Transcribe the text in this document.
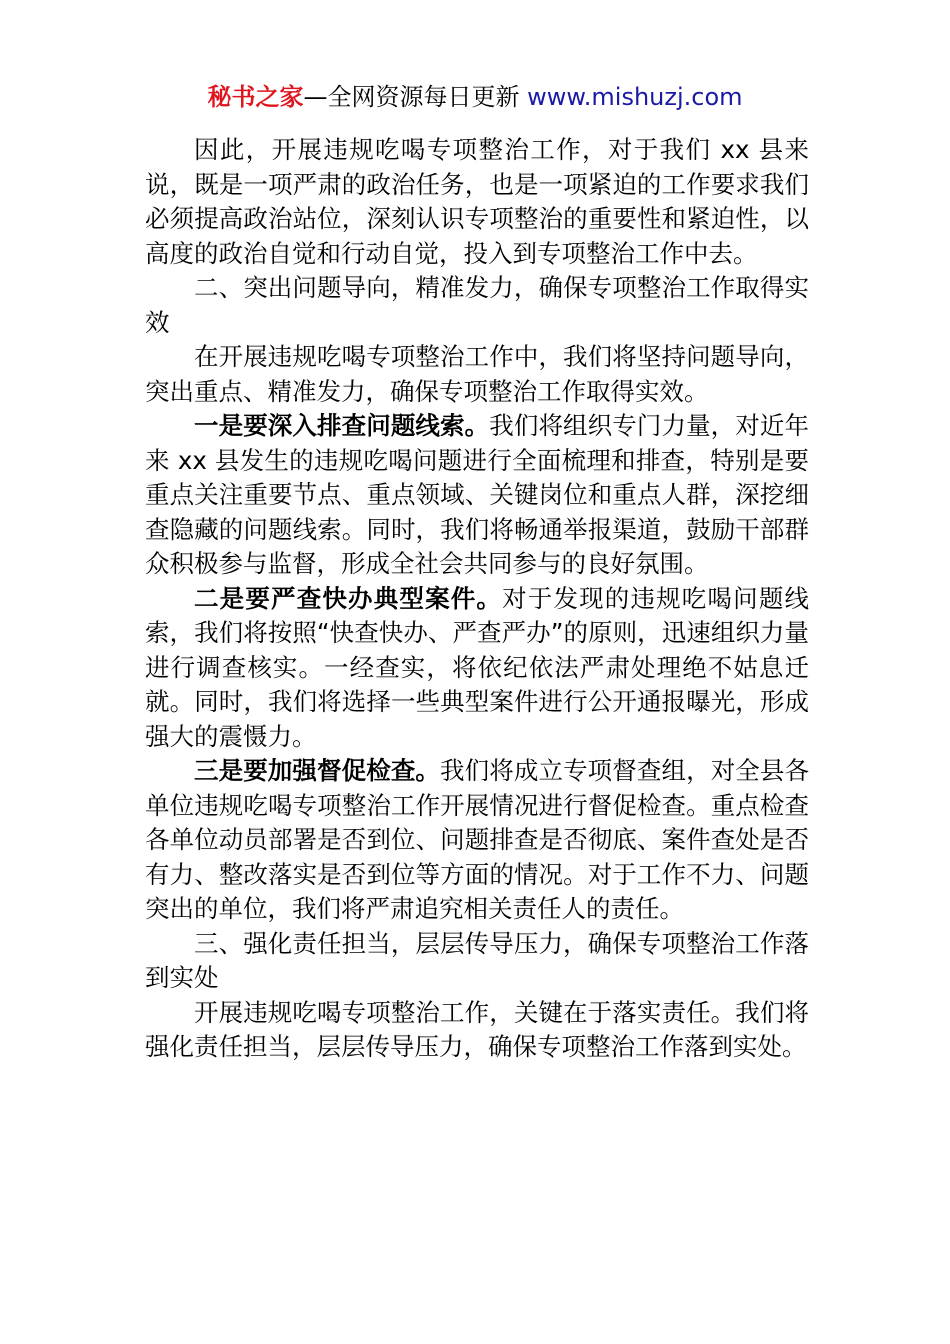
秘书之家—全网资源每日更新 www.mishuzj.com

因此，开展违规吃喝专项整治工作，对于我们 xx 县来说，既是一项严肃的政治任务，也是一项紧迫的工作要求我们必须提高政治站位，深刻认识专项整治的重要性和紧迫性，以高度的政治自觉和行动自觉，投入到专项整治工作中去。

二、突出问题导向，精准发力，确保专项整治工作取得实效

在开展违规吃喝专项整治工作中，我们将坚持问题导向，突出重点、精准发力，确保专项整治工作取得实效。

一是要深入排查问题线索。我们将组织专门力量，对近年来 xx 县发生的违规吃喝问题进行全面梳理和排查，特别是要重点关注重要节点、重点领域、关键岗位和重点人群，深挖细查隐藏的问题线索。同时，我们将畅通举报渠道，鼓励干部群众积极参与监督，形成全社会共同参与的良好氛围。

二是要严查快办典型案件。对于发现的违规吃喝问题线索，我们将按照“快查快办、严查严办”的原则，迅速组织力量进行调查核实。一经查实，将依纪依法严肃处理绝不姑息迁就。同时，我们将选择一些典型案件进行公开通报曝光，形成强大的震慑力。

三是要加强督促检查。我们将成立专项督查组，对全县各单位违规吃喝专项整治工作开展情况进行督促检查。重点检查各单位动员部署是否到位、问题排查是否彻底、案件查处是否有力、整改落实是否到位等方面的情况。对于工作不力、问题突出的单位，我们将严肃追究相关责任人的责任。

三、强化责任担当，层层传导压力，确保专项整治工作落到实处

开展违规吃喝专项整治工作，关键在于落实责任。我们将强化责任担当，层层传导压力，确保专项整治工作落到实处。
